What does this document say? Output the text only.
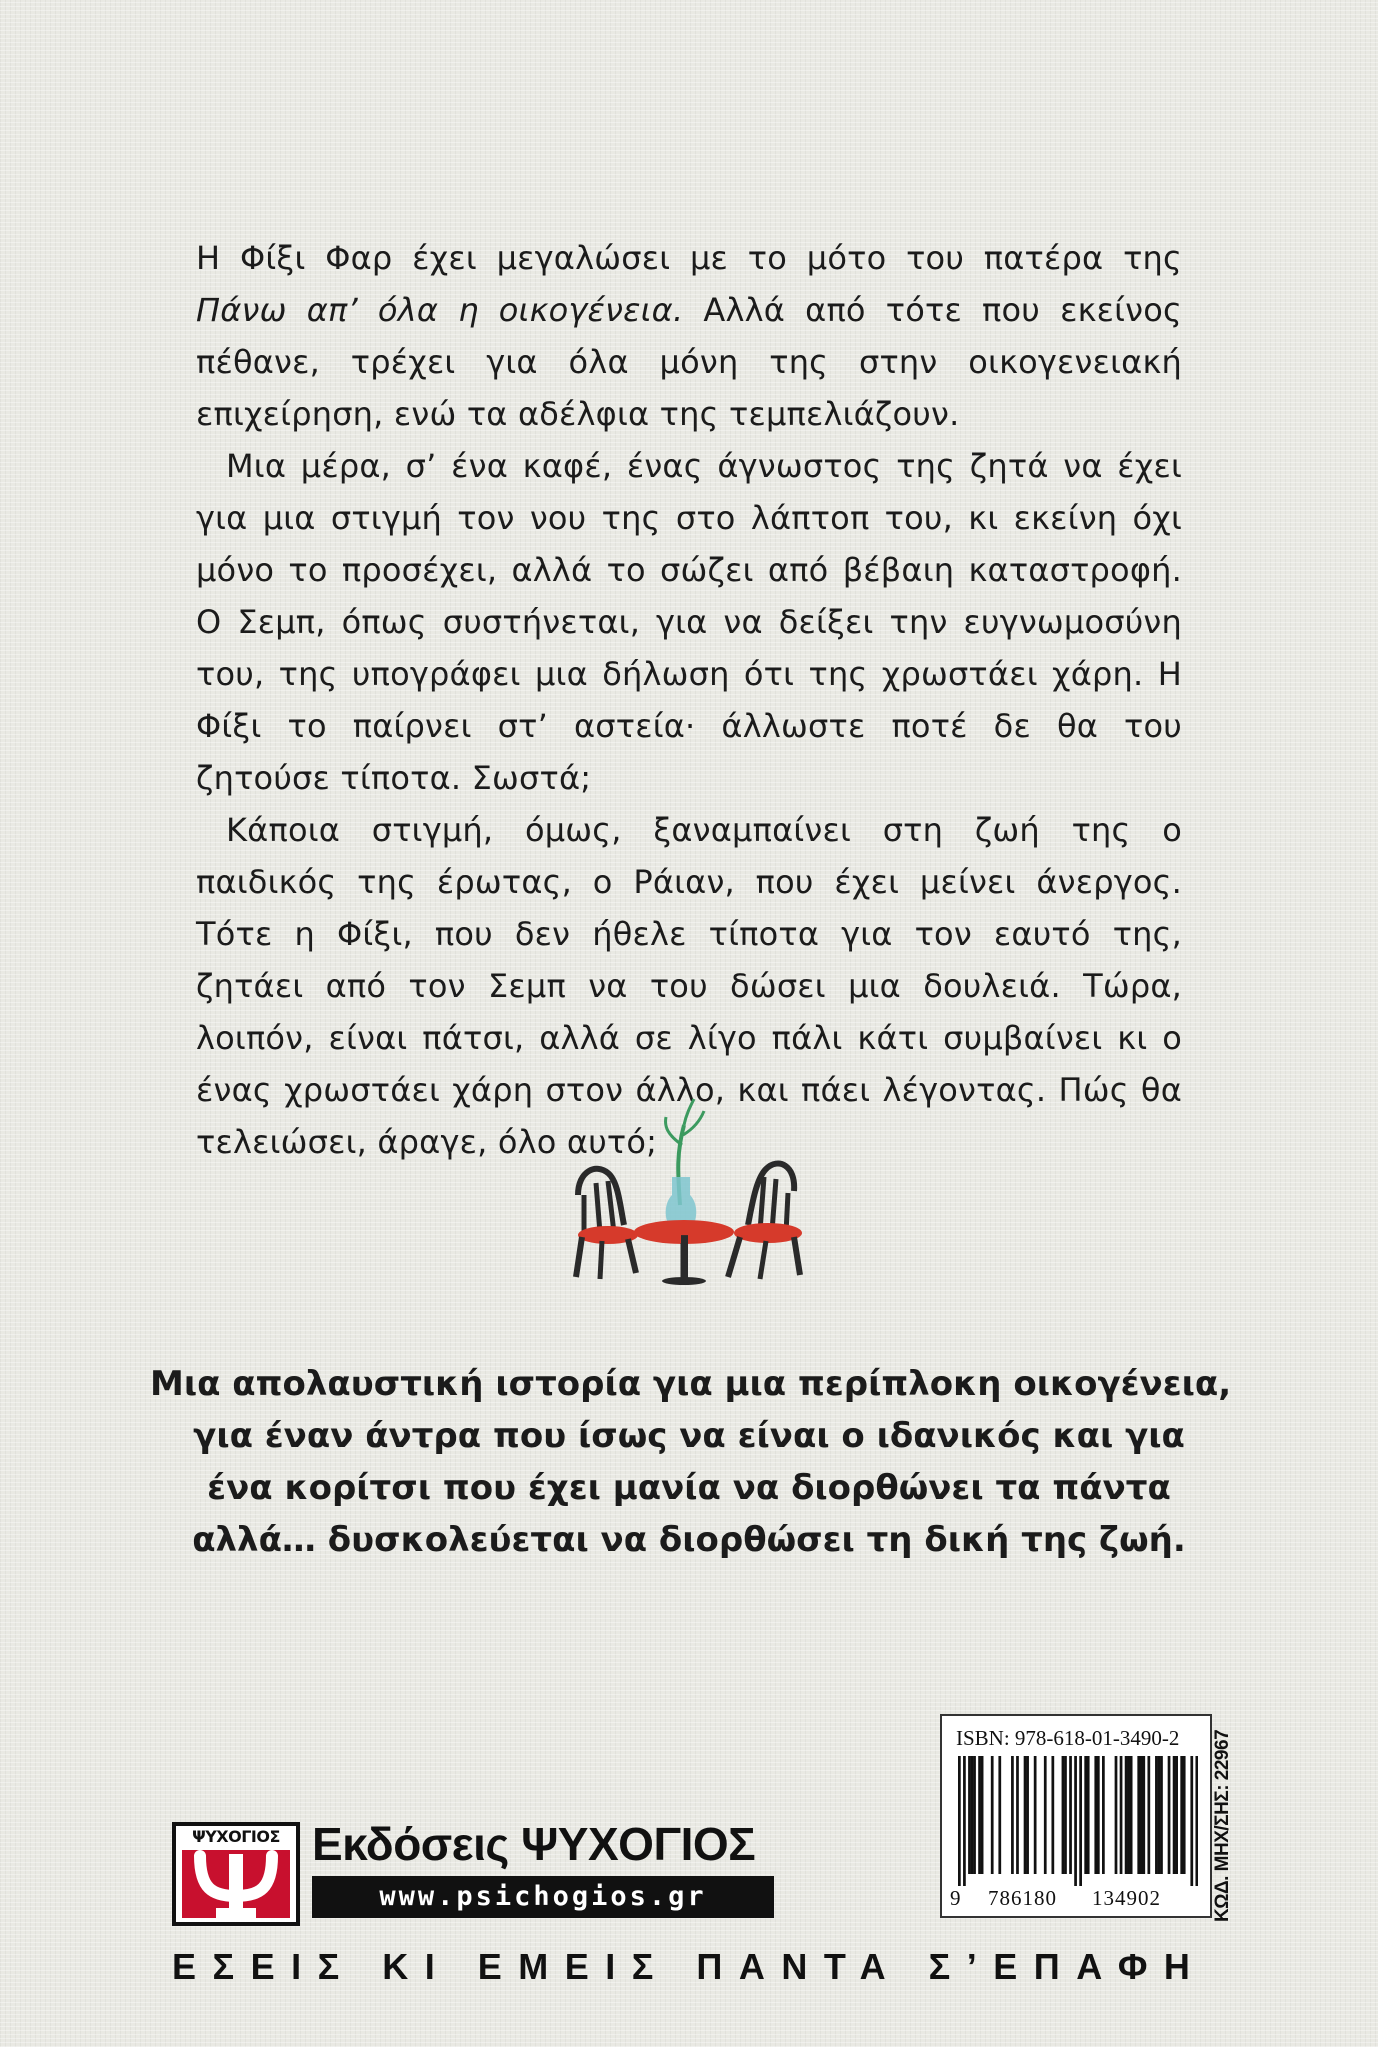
Η Φίξι Φαρ έχει μεγαλώσει με το μότο του πατέρα της Πάνω απ’ όλα η οικογένεια. Αλλά από τότε που εκείνος πέθανε, τρέχει για όλα μόνη της στην οικογενειακή επιχείρηση, ενώ τα αδέλφια της τεμπελιάζουν.

Μια μέρα, σ’ ένα καφέ, ένας άγνωστος της ζητά να έχει για μια στιγμή τον νου της στο λάπτοπ του, κι εκείνη όχι μόνο το προσέχει, αλλά το σώζει από βέβαιη καταστροφή. Ο Σεμπ, όπως συστήνεται, για να δείξει την ευγνωμοσύνη του, της υπογράφει μια δήλωση ότι της χρωστάει χάρη. Η Φίξι το παίρνει στ’ αστεία· άλλωστε ποτέ δε θα του ζητούσε τίποτα. Σωστά;

Κάποια στιγμή, όμως, ξαναμπαίνει στη ζωή της ο παιδικός της έρωτας, ο Ράιαν, που έχει μείνει άνεργος. Τότε η Φίξι, που δεν ήθελε τίποτα για τον εαυτό της, ζητάει από τον Σεμπ να του δώσει μια δουλειά. Τώρα, λοιπόν, είναι πάτσι, αλλά σε λίγο πάλι κάτι συμβαίνει κι ο ένας χρωστάει χάρη στον άλλο, και πάει λέγοντας. Πώς θα τελειώσει, άραγε, όλο αυτό;

Μια απολαυστική ιστορία για μια περίπλοκη οικογένεια,
για έναν άντρα που ίσως να είναι ο ιδανικός και για
ένα κορίτσι που έχει μανία να διορθώνει τα πάντα
αλλά… δυσκολεύεται να διορθώσει τη δική της ζωή.
ΨΥΧΟΓΙΟΣ Εκδόσεις ΨΥΧΟΓΙΟΣ
www.psichogios.gr
ΕΣΕΙΣ ΚΙ ΕΜΕΙΣ ΠΑΝΤΑ Σ’ΕΠΑΦΗ
ISBN: 978-618-01-3490-2
9 786180 134902	ΚΩΔ. ΜΗΧ/ΣΗΣ: 22967
